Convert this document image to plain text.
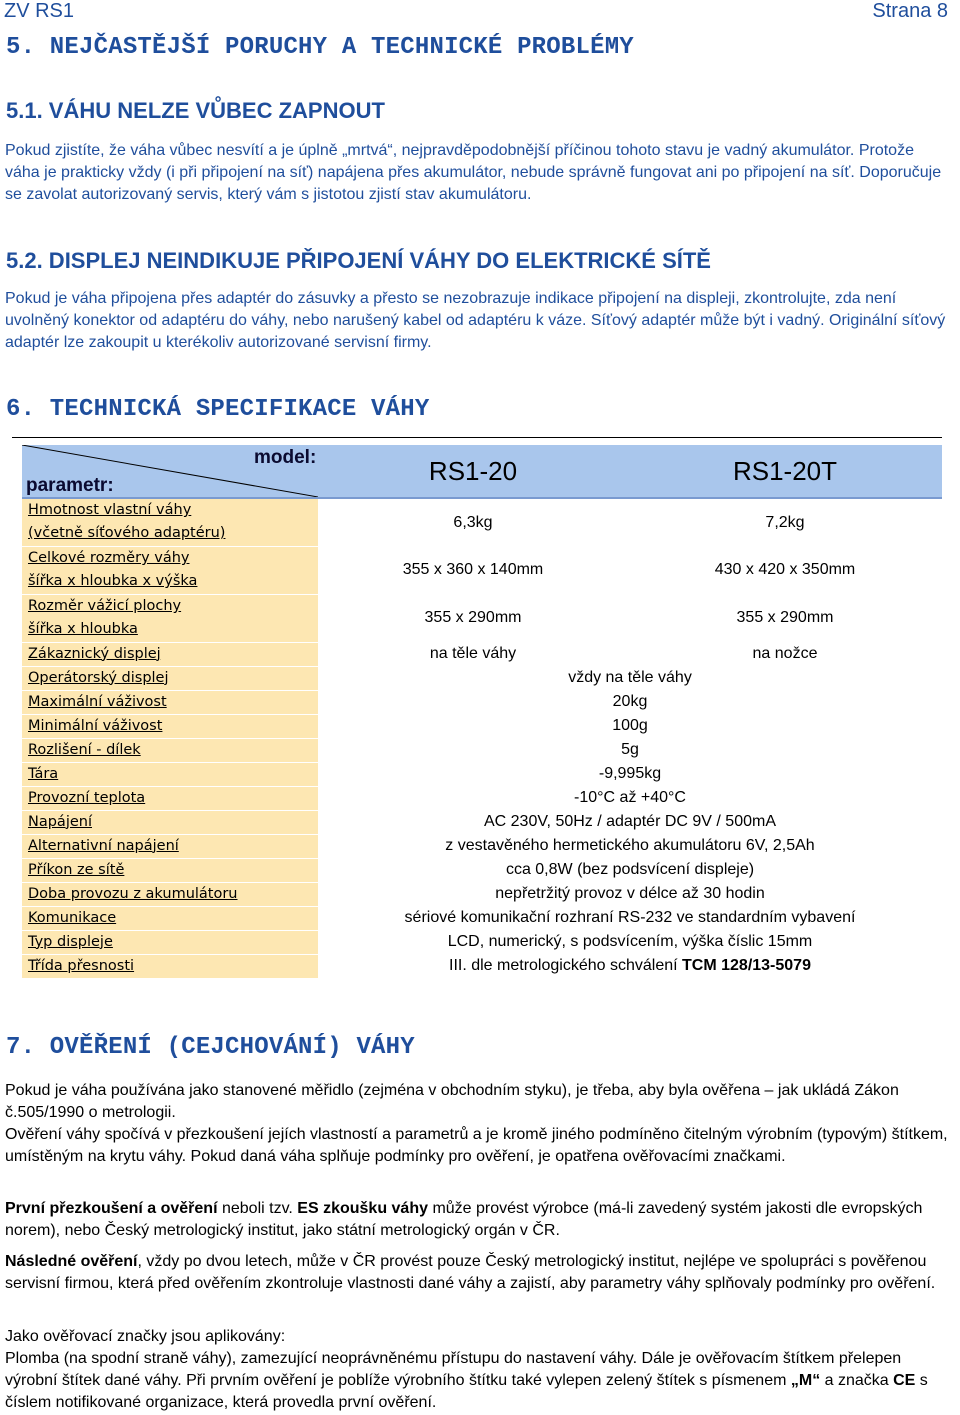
ZV RS1	Strana 8
5. NEJČASTĚJŠÍ PORUCHY A TECHNICKÉ PROBLÉMY
5.1. VÁHU NELZE VŮBEC ZAPNOUT

Pokud zjistíte, že váha vůbec nesvítí a je úplně „mrtvá“, nejpravděpodobnější příčinou tohoto stavu je vadný akumulátor. Protože váha je prakticky vždy (i při připojení na síť) napájena přes akumulátor, nebude správně fungovat ani po připojení na síť. Doporučuje se zavolat autorizovaný servis, který vám s jistotou zjistí stav akumulátoru.

5.2. DISPLEJ NEINDIKUJE PŘIPOJENÍ VÁHY DO ELEKTRICKÉ SÍTĚ

Pokud je váha připojena přes adaptér do zásuvky a přesto se nezobrazuje indikace připojení na displeji, zkontrolujte, zda není uvolněný konektor od adaptéru do váhy, nebo narušený kabel od adaptéru k váze. Síťový adaptér může být i vadný. Originální síťový adaptér lze zakoupit u kterékoliv autorizované servisní firmy.

6. TECHNICKÁ SPECIFIKACE VÁHY
model:
parametr:	RS1-20	RS1-20T
Hmotnost vlastní váhy
(včetně síťového adaptéru)	6,3kg	7,2kg
Celkové rozměry váhy
šířka x hloubka x výška	355 x 360 x 140mm	430 x 420 x 350mm
Rozměr vážicí plochy
šířka x hloubka	355 x 290mm	355 x 290mm
Zákaznický displej	na těle váhy	na nožce
Operátorský displej	vždy na těle váhy	
Maximální váživost	20kg	
Minimální váživost	100g	
Rozlišení - dílek	5g	
Tára	-9,995kg	
Provozní teplota	-10°C až +40°C	
Napájení	AC 230V, 50Hz / adaptér DC 9V / 500mA	
Alternativní napájení	z vestavěného hermetického akumulátoru 6V, 2,5Ah	
Příkon ze sítě	cca 0,8W (bez podsvícení displeje)	
Doba provozu z akumulátoru	nepřetržitý provoz v délce až 30 hodin	
Komunikace	sériové komunikační rozhraní RS-232 ve standardním vybavení	
Typ displeje	LCD, numerický, s podsvícením, výška číslic 15mm	
Třída přesnosti	III. dle metrologického schválení TCM 128/13-5079	
7. OVĚŘENÍ (CEJCHOVÁNÍ) VÁHY

Pokud je váha používána jako stanovené měřidlo (zejména v obchodním styku), je třeba, aby byla ověřena – jak ukládá Zákon č.505/1990 o metrologii.

Ověření váhy spočívá v přezkoušení jejích vlastností a parametrů a je kromě jiného podmíněno čitelným výrobním (typovým) štítkem, umístěným na krytu váhy. Pokud daná váha splňuje podmínky pro ověření, je opatřena ověřovacími značkami.

První přezkoušení a ověření neboli tzv. ES zkoušku váhy může provést výrobce (má-li zavedený systém jakosti dle evropských norem), nebo Český metrologický institut, jako státní metrologický orgán v ČR.

Následné ověření, vždy po dvou letech, může v ČR provést pouze Český metrologický institut, nejlépe ve spolupráci s pověřenou servisní firmou, která před ověřením zkontroluje vlastnosti dané váhy a zajistí, aby parametry váhy splňovaly podmínky pro ověření.

Jako ověřovací značky jsou aplikovány:
Plomba (na spodní straně váhy), zamezující neoprávněnému přístupu do nastavení váhy. Dále je ověřovacím štítkem přelepen výrobní štítek dané váhy. Při prvním ověření je poblíže výrobního štítku také vylepen zelený štítek s písmenem „M“ a značka CE s číslem notifikované organizace, která provedla první ověření.
